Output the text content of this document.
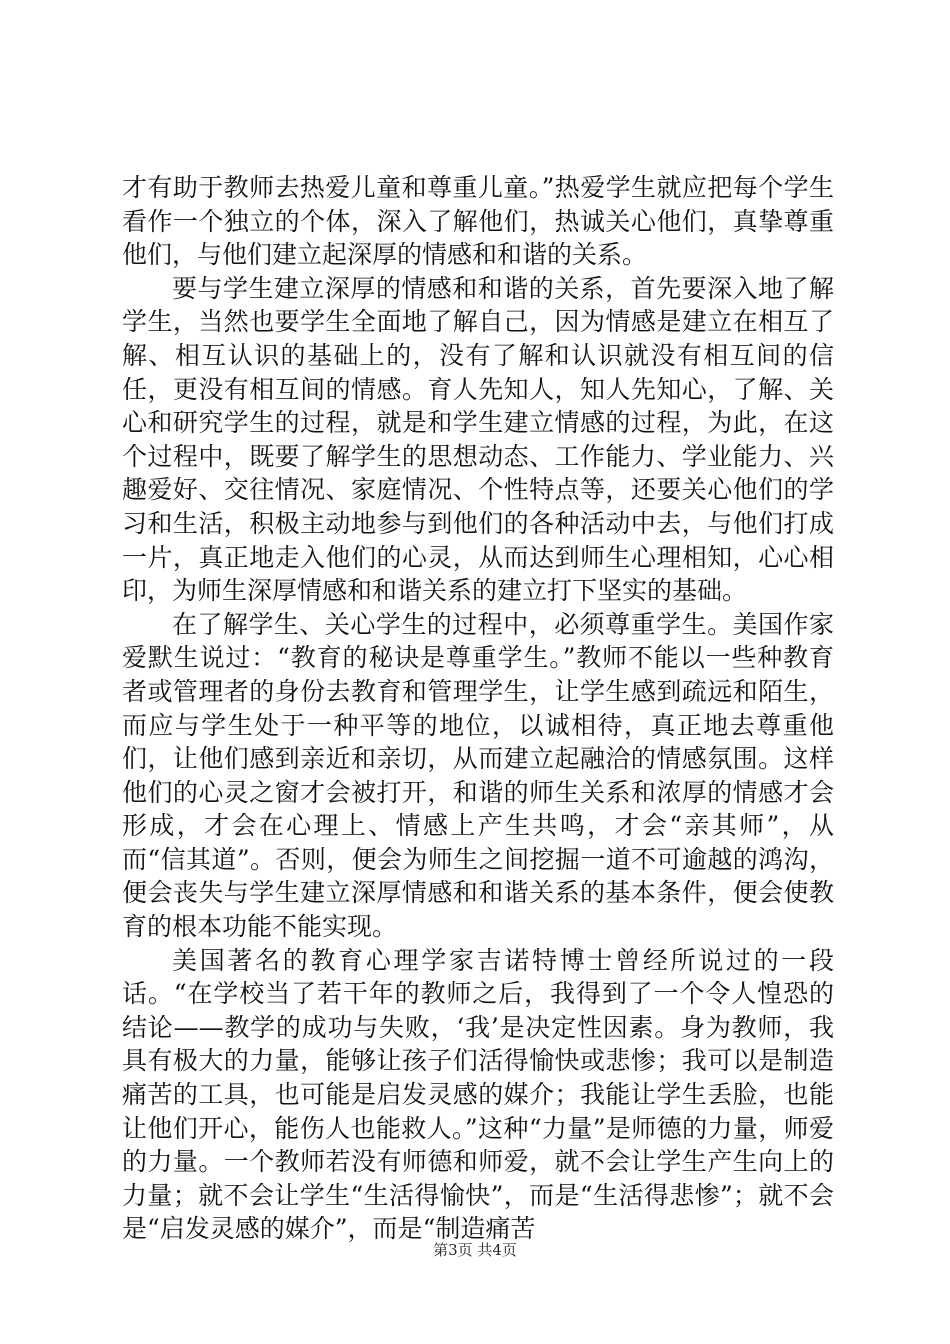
才有助于教师去热爱儿童和尊重儿童。”热爱学生就应把每个学生看作一个独立的个体，深入了解他们，热诚关心他们，真挚尊重他们，与他们建立起深厚的情感和和谐的关系。

要与学生建立深厚的情感和和谐的关系，首先要深入地了解学生，当然也要学生全面地了解自己，因为情感是建立在相互了解、相互认识的基础上的，没有了解和认识就没有相互间的信任，更没有相互间的情感。育人先知人，知人先知心，了解、关心和研究学生的过程，就是和学生建立情感的过程，为此，在这个过程中，既要了解学生的思想动态、工作能力、学业能力、兴趣爱好、交往情况、家庭情况、个性特点等，还要关心他们的学习和生活，积极主动地参与到他们的各种活动中去，与他们打成一片，真正地走入他们的心灵，从而达到师生心理相知，心心相印，为师生深厚情感和和谐关系的建立打下坚实的基础。

在了解学生、关心学生的过程中，必须尊重学生。美国作家爱默生说过：“教育的秘诀是尊重学生。”教师不能以一些种教育者或管理者的身份去教育和管理学生，让学生感到疏远和陌生，而应与学生处于一种平等的地位，以诚相待，真正地去尊重他们，让他们感到亲近和亲切，从而建立起融洽的情感氛围。这样他们的心灵之窗才会被打开，和谐的师生关系和浓厚的情感才会形成，才会在心理上、情感上产生共鸣，才会“亲其师”，从而“信其道”。否则，便会为师生之间挖掘一道不可逾越的鸿沟，便会丧失与学生建立深厚情感和和谐关系的基本条件，便会使教育的根本功能不能实现。

美国著名的教育心理学家吉诺特博士曾经所说过的一段话。“在学校当了若干年的教师之后，我得到了一个令人惶恐的结论——教学的成功与失败，‘我’是决定性因素。身为教师，我具有极大的力量，能够让孩子们活得愉快或悲惨；我可以是制造痛苦的工具，也可能是启发灵感的媒介；我能让学生丢脸，也能让他们开心，能伤人也能救人。”这种“力量”是师德的力量，师爱的力量。一个教师若没有师德和师爱，就不会让学生产生向上的力量；就不会让学生“生活得愉快”，而是“生活得悲惨”；就不会是“启发灵感的媒介”，而是“制造痛苦

第3页 共4页
